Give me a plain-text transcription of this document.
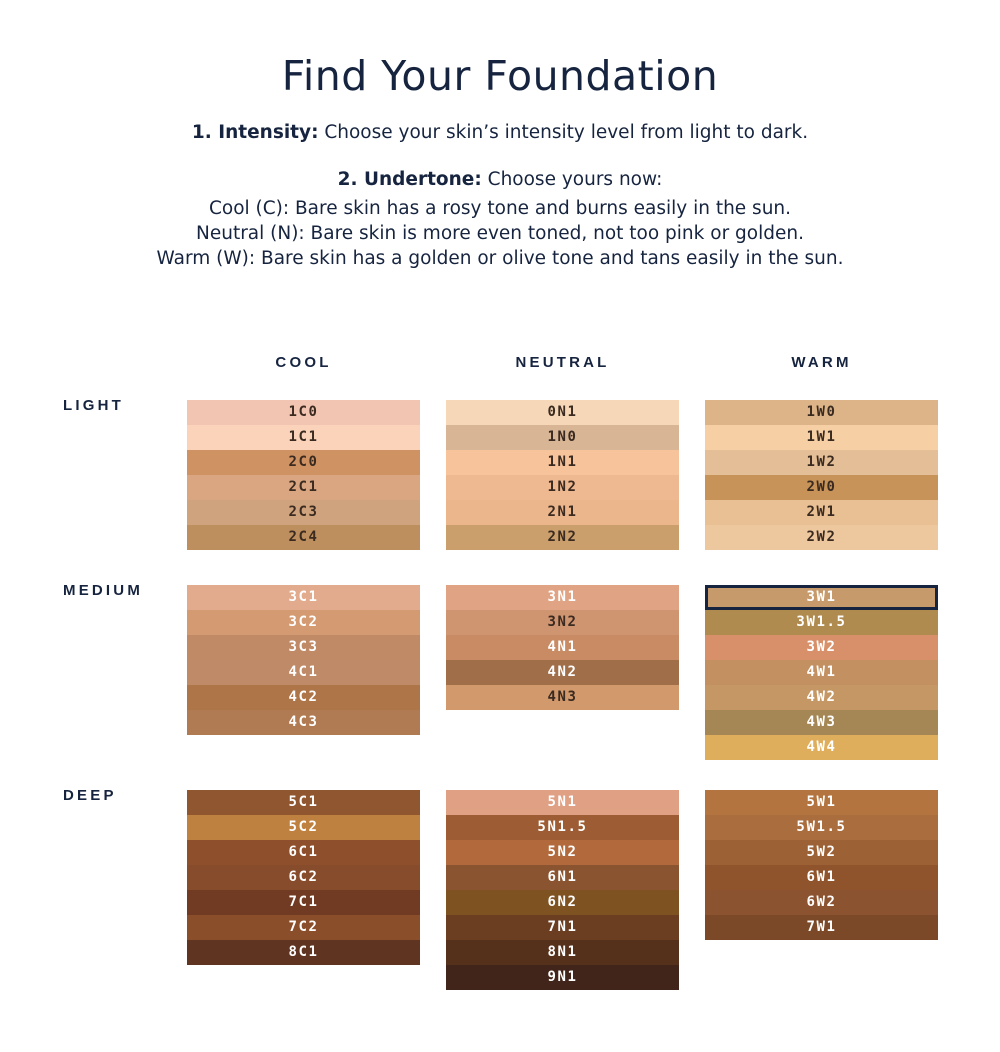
Find Your Foundation
1. Intensity: Choose your skin’s intensity level from light to dark.
2. Undertone: Choose yours now:
Cool (C): Bare skin has a rosy tone and burns easily in the sun.
Neutral (N): Bare skin is more even toned, not too pink or golden.
Warm (W): Bare skin has a golden or olive tone and tans easily in the sun.
COOL	NEUTRAL	WARM
LIGHT
MEDIUM
DEEP
1C0
1C1
2C0
2C1
2C3
2C4
0N1
1N0
1N1
1N2
2N1
2N2
1W0
1W1
1W2
2W0
2W1
2W2
3C1
3C2
3C3
4C1
4C2
4C3
3N1
3N2
4N1
4N2
4N3
3W1
3W1.5
3W2
4W1
4W2
4W3
4W4
5C1
5C2
6C1
6C2
7C1
7C2
8C1
5N1
5N1.5
5N2
6N1
6N2
7N1
8N1
9N1
5W1
5W1.5
5W2
6W1
6W2
7W1
